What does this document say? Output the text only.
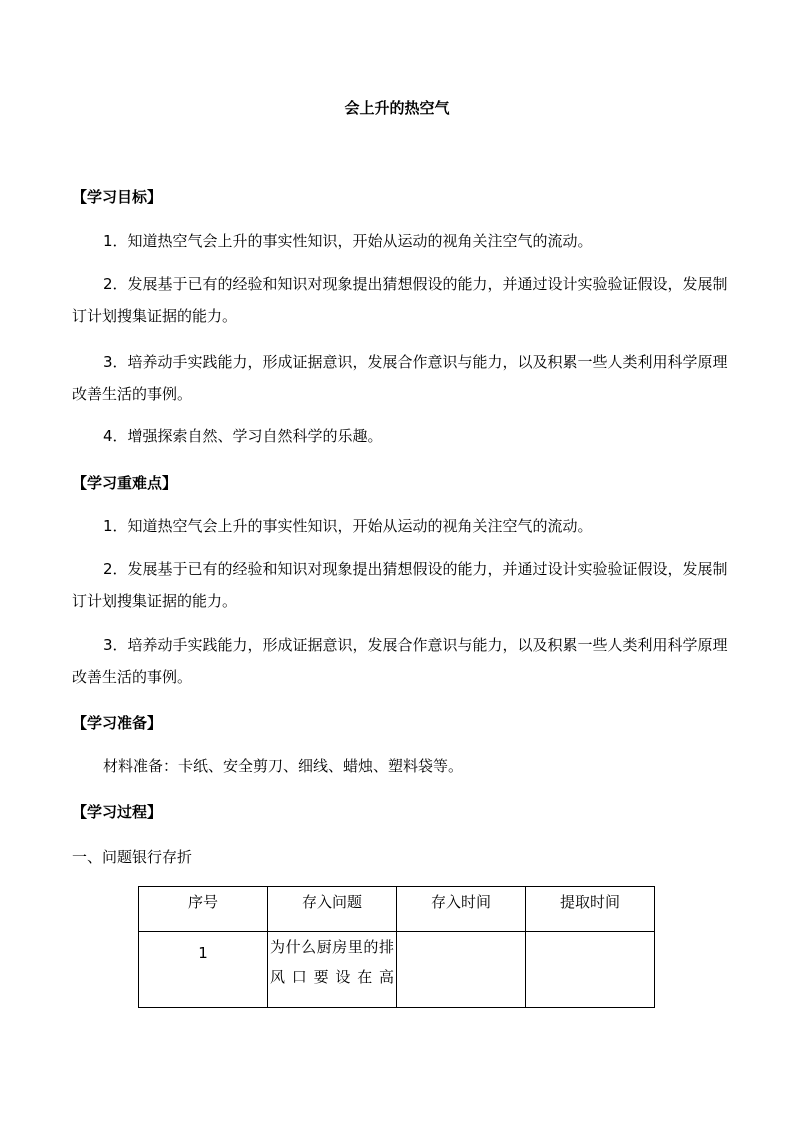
会上升的热空气
【学习目标】

1．知道热空气会上升的事实性知识，开始从运动的视角关注空气的流动。

2．发展基于已有的经验和知识对现象提出猜想假设的能力，并通过设计实验验证假设，发展制订计划搜集证据的能力。

3．培养动手实践能力，形成证据意识，发展合作意识与能力，以及积累一些人类利用科学原理改善生活的事例。

4．增强探索自然、学习自然科学的乐趣。

【学习重难点】

1．知道热空气会上升的事实性知识，开始从运动的视角关注空气的流动。

2．发展基于已有的经验和知识对现象提出猜想假设的能力，并通过设计实验验证假设，发展制订计划搜集证据的能力。

3．培养动手实践能力，形成证据意识，发展合作意识与能力，以及积累一些人类利用科学原理改善生活的事例。

【学习准备】

材料准备：卡纸、安全剪刀、细线、蜡烛、塑料袋等。

【学习过程】
一、问题银行存折
序号	存入问题	存入时间	提取时间
1	为什么厨房里的排风口要设在高		
